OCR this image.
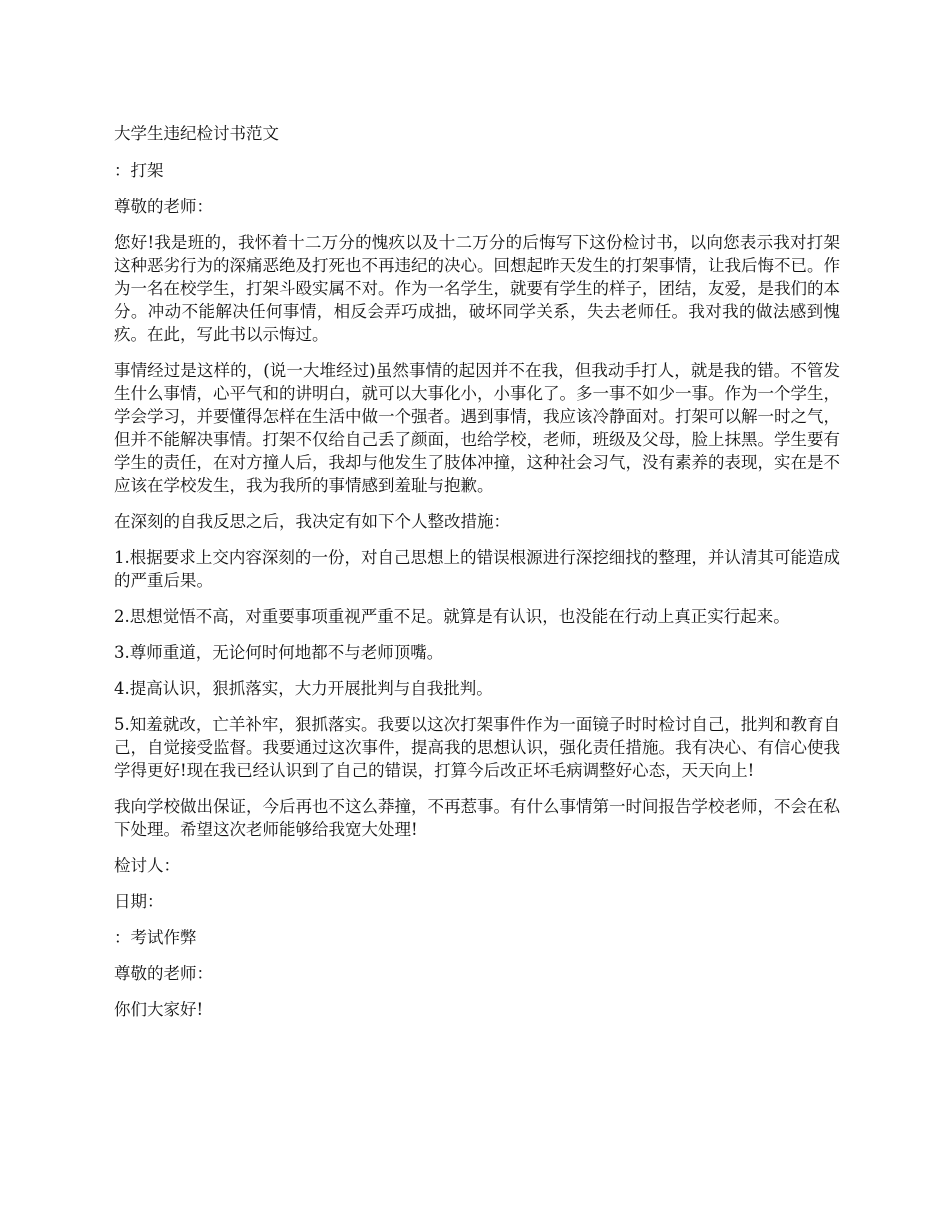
大学生违纪检讨书范文

：打架

尊敬的老师：

您好!我是班的，我怀着十二万分的愧疚以及十二万分的后悔写下这份检讨书，以向您表示我对打架这种恶劣行为的深痛恶绝及打死也不再违纪的决心。回想起昨天发生的打架事情，让我后悔不已。作为一名在校学生，打架斗殴实属不对。作为一名学生，就要有学生的样子，团结，友爱，是我们的本分。冲动不能解决任何事情，相反会弄巧成拙，破坏同学关系，失去老师任。我对我的做法感到愧疚。在此，写此书以示悔过。

事情经过是这样的，(说一大堆经过)虽然事情的起因并不在我，但我动手打人，就是我的错。不管发生什么事情，心平气和的讲明白，就可以大事化小，小事化了。多一事不如少一事。作为一个学生，学会学习，并要懂得怎样在生活中做一个强者。遇到事情，我应该冷静面对。打架可以解一时之气，但并不能解决事情。打架不仅给自己丢了颜面，也给学校，老师，班级及父母，脸上抹黑。学生要有学生的责任，在对方撞人后，我却与他发生了肢体冲撞，这种社会习气，没有素养的表现，实在是不应该在学校发生，我为我所的事情感到羞耻与抱歉。

在深刻的自我反思之后，我决定有如下个人整改措施：

1.根据要求上交内容深刻的一份，对自己思想上的错误根源进行深挖细找的整理，并认清其可能造成的严重后果。

2.思想觉悟不高，对重要事项重视严重不足。就算是有认识，也没能在行动上真正实行起来。

3.尊师重道，无论何时何地都不与老师顶嘴。

4.提高认识，狠抓落实，大力开展批判与自我批判。

5.知羞就改，亡羊补牢，狠抓落实。我要以这次打架事件作为一面镜子时时检讨自己，批判和教育自己，自觉接受监督。我要通过这次事件，提高我的思想认识，强化责任措施。我有决心、有信心使我学得更好!现在我已经认识到了自己的错误，打算今后改正坏毛病调整好心态，天天向上!

我向学校做出保证，今后再也不这么莽撞，不再惹事。有什么事情第一时间报告学校老师，不会在私下处理。希望这次老师能够给我宽大处理!

检讨人：

日期：

：考试作弊

尊敬的老师：

你们大家好!
